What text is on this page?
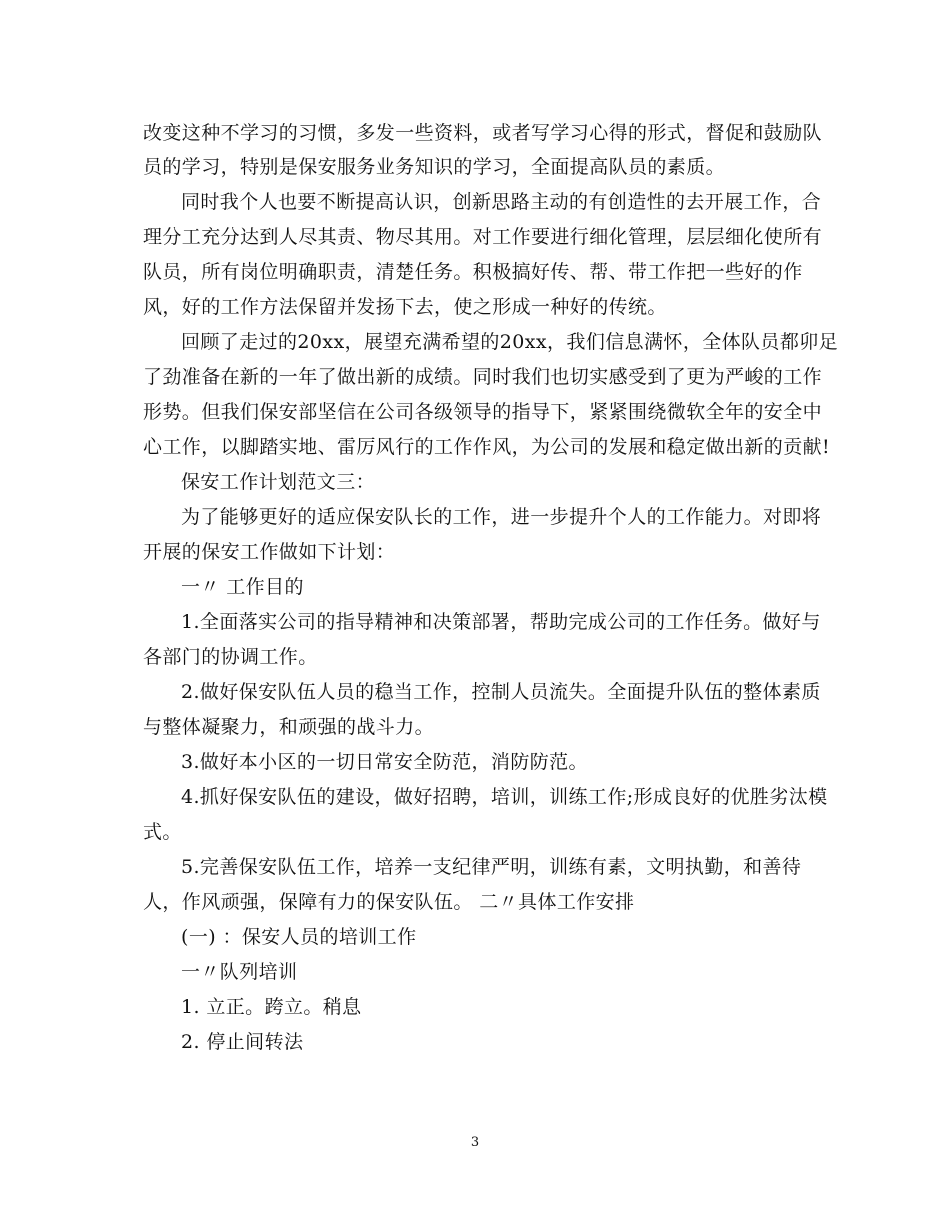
改变这种不学习的习惯，多发一些资料，或者写学习心得的形式，督促和鼓励队
员的学习，特别是保安服务业务知识的学习，全面提高队员的素质。
同时我个人也要不断提高认识，创新思路主动的有创造性的去开展工作，合
理分工充分达到人尽其责、物尽其用。对工作要进行细化管理，层层细化使所有
队员，所有岗位明确职责，清楚任务。积极搞好传、帮、带工作把一些好的作
风，好的工作方法保留并发扬下去，使之形成一种好的传统。
回顾了走过的20xx，展望充满希望的20xx，我们信息满怀，全体队员都卯足
了劲准备在新的一年了做出新的成绩。同时我们也切实感受到了更为严峻的工作
形势。但我们保安部坚信在公司各级领导的指导下，紧紧围绕微软全年的安全中
心工作，以脚踏实地、雷厉风行的工作作风，为公司的发展和稳定做出新的贡献!
保安工作计划范文三：
为了能够更好的适应保安队长的工作，进一步提升个人的工作能力。对即将
开展的保安工作做如下计划：
一〃 工作目的
1.全面落实公司的指导精神和决策部署，帮助完成公司的工作任务。做好与
各部门的协调工作。
2.做好保安队伍人员的稳当工作，控制人员流失。全面提升队伍的整体素质
与整体凝聚力，和顽强的战斗力。
3.做好本小区的一切日常安全防范，消防防范。
4.抓好保安队伍的建设，做好招聘，培训，训练工作;形成良好的优胜劣汰模
式。
5.完善保安队伍工作，培养一支纪律严明，训练有素，文明执勤，和善待
人，作风顽强，保障有力的保安队伍。 二〃具体工作安排
(一) ：保安人员的培训工作
一〃队列培训
1. 立正。跨立。稍息
2. 停止间转法
3
